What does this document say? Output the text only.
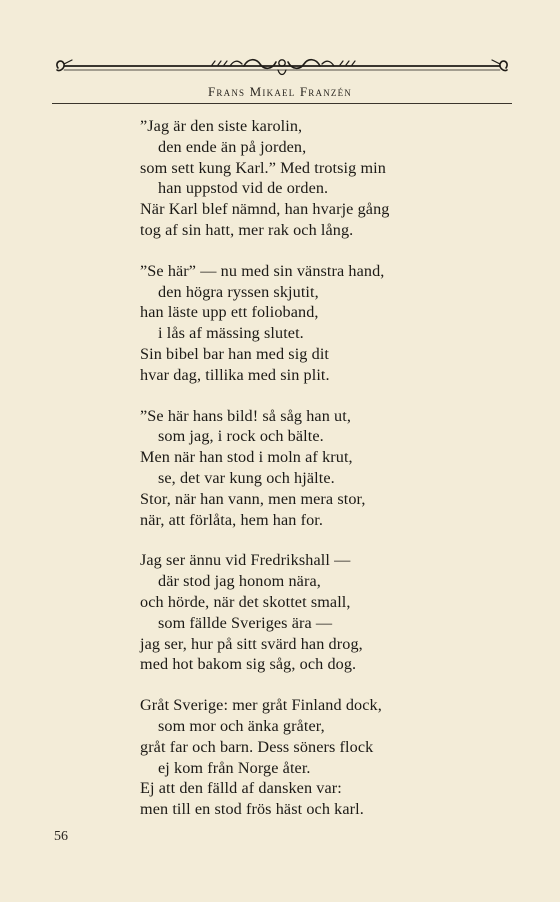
Frans Mikael Franzén
”Jag är den siste karolin,
den ende än på jorden,
som sett kung Karl.” Med trotsig min
han uppstod vid de orden.
När Karl blef nämnd, han hvarje gång
tog af sin hatt, mer rak och lång.
”Se här” — nu med sin vänstra hand,
den högra ryssen skjutit,
han läste upp ett folioband,
i lås af mässing slutet.
Sin bibel bar han med sig dit
hvar dag, tillika med sin plit.
”Se här hans bild! så såg han ut,
som jag, i rock och bälte.
Men när han stod i moln af krut,
se, det var kung och hjälte.
Stor, när han vann, men mera stor,
när, att förlåta, hem han for.
Jag ser ännu vid Fredrikshall —
där stod jag honom nära,
och hörde, när det skottet small,
som fällde Sveriges ära —
jag ser, hur på sitt svärd han drog,
med hot bakom sig såg, och dog.
Gråt Sverige: mer gråt Finland dock,
som mor och änka gråter,
gråt far och barn. Dess söners flock
ej kom från Norge åter.
Ej att den fälld af dansken var:
men till en stod frös häst och karl.
56
